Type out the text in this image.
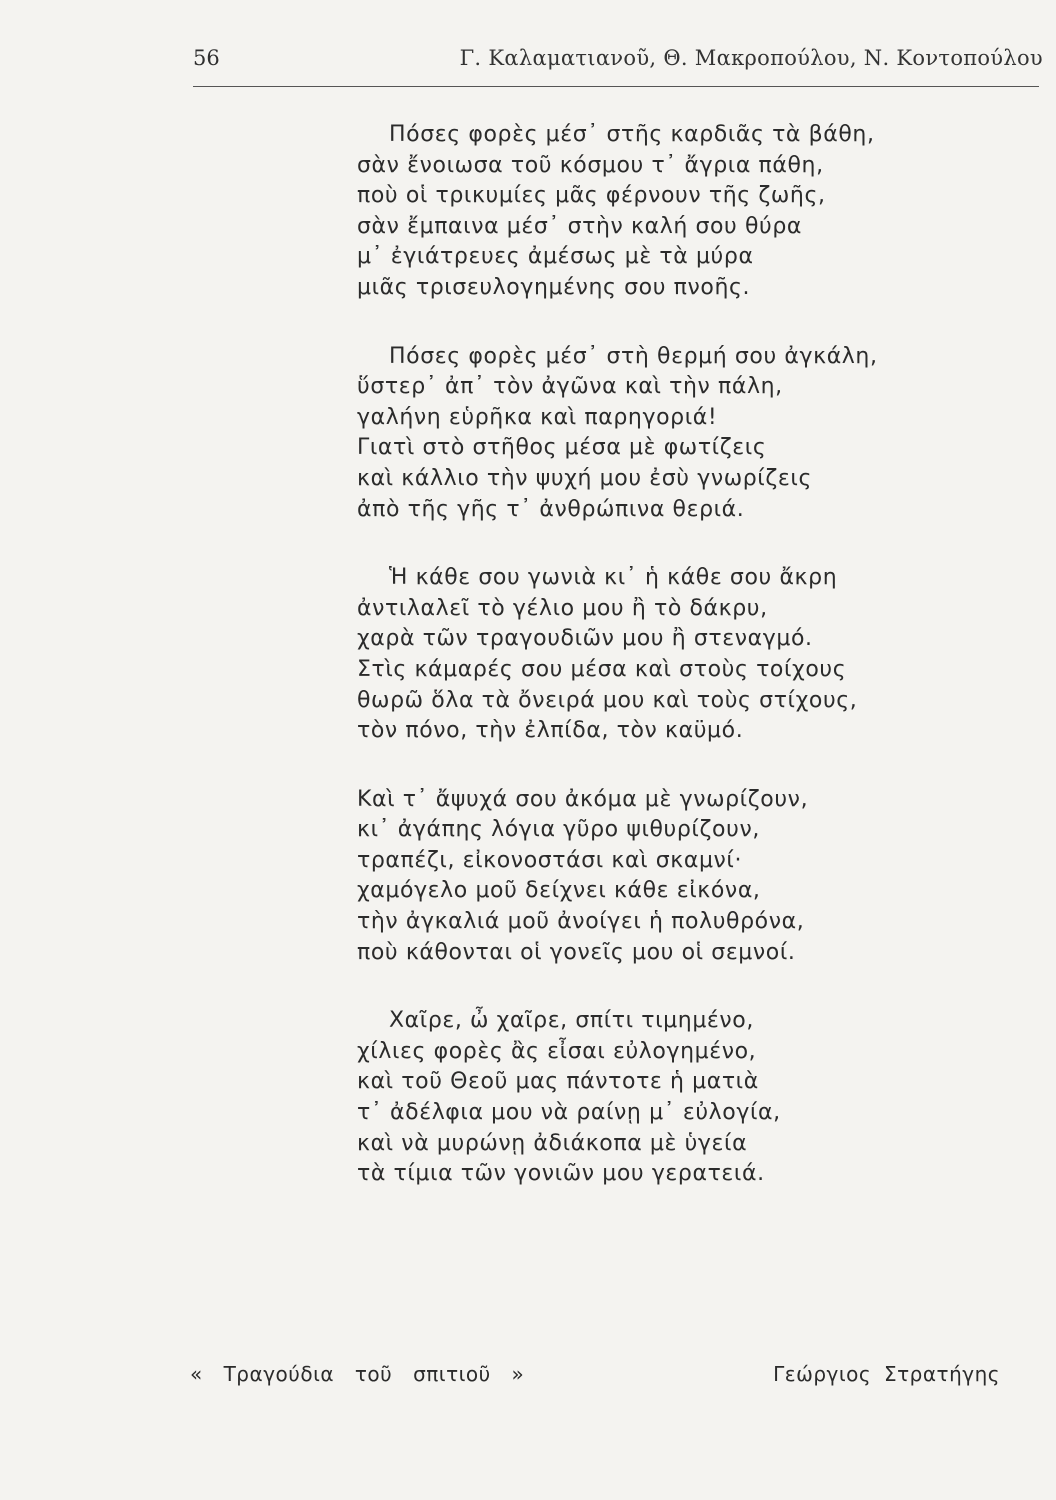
56	Γ. Καλαματιανοῦ, Θ. Μακροπούλου, Ν. Κοντοπούλου
Πόσες φορὲς μέσ᾽ στῆς καρδιᾶς τὰ βάθη,
σὰν ἔνοιωσα τοῦ κόσμου τ᾽ ἄγρια πάθη,
ποὺ οἱ τρικυμίες μᾶς φέρνουν τῆς ζωῆς,
σὰν ἔμπαινα μέσ᾽ στὴν καλή σου θύρα
μ᾽ ἐγιάτρευες ἀμέσως μὲ τὰ μύρα
μιᾶς τρισευλογημένης σου πνοῆς.
Πόσες φορὲς μέσ᾽ στὴ θερμή σου ἀγκάλη,
ὕστερ᾽ ἀπ᾽ τὸν ἀγῶνα καὶ τὴν πάλη,
γαλήνη εὑρῆκα καὶ παρηγοριά!
Γιατὶ στὸ στῆθος μέσα μὲ φωτίζεις
καὶ κάλλιο τὴν ψυχή μου ἐσὺ γνωρίζεις
ἀπὸ τῆς γῆς τ᾽ ἀνθρώπινα θεριά.
Ἡ κάθε σου γωνιὰ κι᾽ ἡ κάθε σου ἄκρη
ἀντιλαλεῖ τὸ γέλιο μου ἢ τὸ δάκρυ,
χαρὰ τῶν τραγουδιῶν μου ἢ στεναγμό.
Στὶς κάμαρές σου μέσα καὶ στοὺς τοίχους
θωρῶ ὅλα τὰ ὄνειρά μου καὶ τοὺς στίχους,
τὸν πόνο, τὴν ἐλπίδα, τὸν καϋμό.
Καὶ τ᾽ ἄψυχά σου ἀκόμα μὲ γνωρίζουν,
κι᾽ ἀγάπης λόγια γῦρο ψιθυρίζουν,
τραπέζι, εἰκονοστάσι καὶ σκαμνί·
χαμόγελο μοῦ δείχνει κάθε εἰκόνα,
τὴν ἀγκαλιά μοῦ ἀνοίγει ἡ πολυθρόνα,
ποὺ κάθονται οἱ γονεῖς μου οἱ σεμνοί.
Χαῖρε, ὦ χαῖρε, σπίτι τιμημένο,
χίλιες φορὲς ἂς εἶσαι εὐλογημένο,
καὶ τοῦ Θεοῦ μας πάντοτε ἡ ματιὰ
τ᾽ ἀδέλφια μου νὰ ραίνῃ μ᾽ εὐλογία,
καὶ νὰ μυρώνῃ ἀδιάκοπα μὲ ὑγεία
τὰ τίμια τῶν γονιῶν μου γερατειά.
« Τραγούδια τοῦ σπιτιοῦ »	Γεώργιος Στρατήγης
